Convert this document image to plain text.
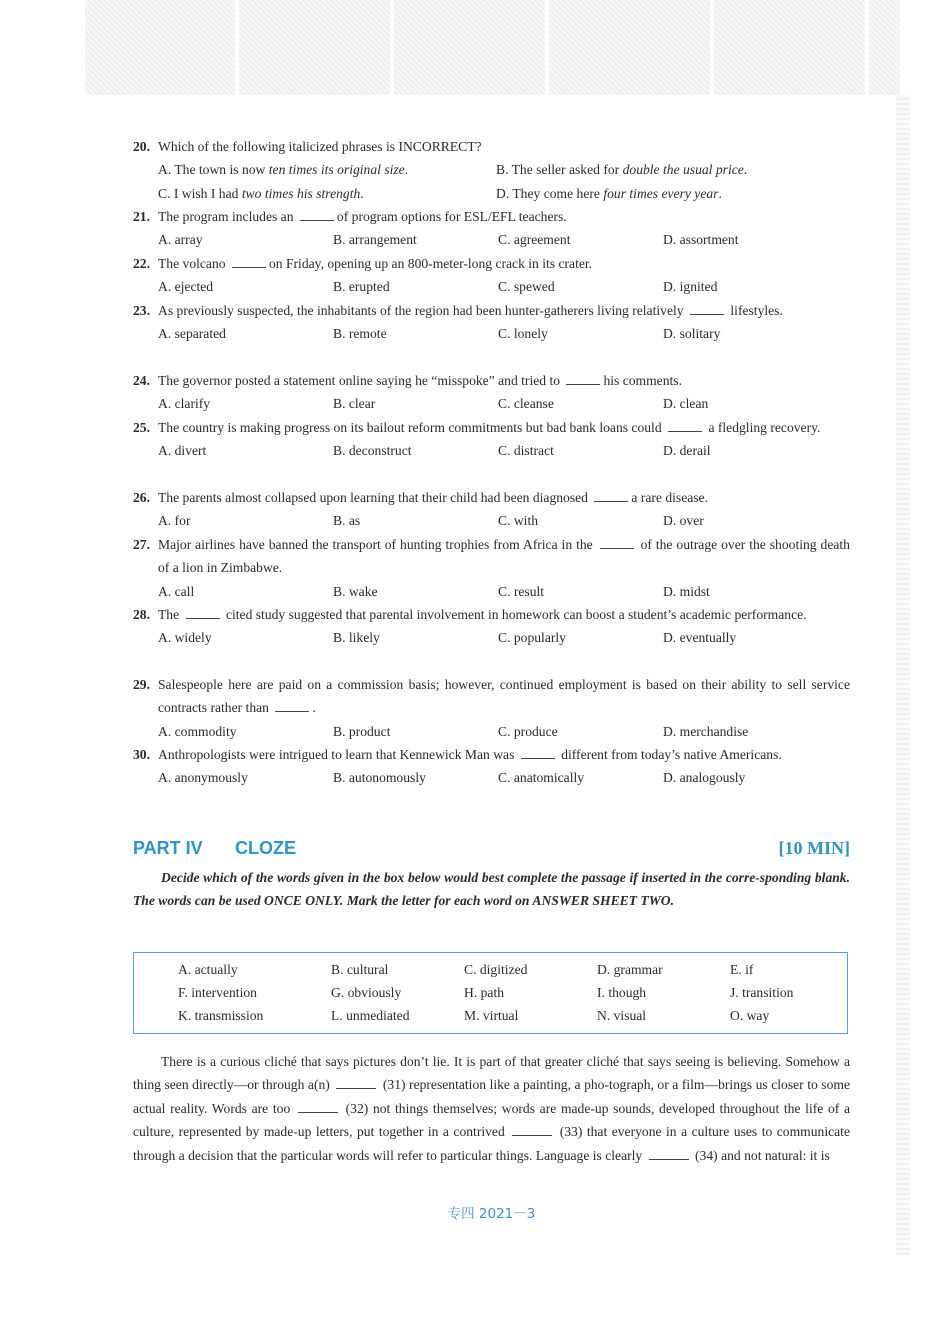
20. Which of the following italicized phrases is INCORRECT?
A. The town is now ten times its original size.	B. The seller asked for double the usual price.
C. I wish I had two times his strength.	D. They come here four times every year.
21. The program includes an	of program options for ESL/EFL teachers.
A. array	B. arrangement	C. agreement	D. assortment
22. The volcano	on Friday, opening up an 800-meter-long crack in its crater.
A. ejected	B. erupted	C. spewed	D. ignited
23. As previously suspected, the inhabitants of the region had been hunter-gatherers living relatively	lifestyles.
A. separated	B. remote	C. lonely	D. solitary
24. The governor posted a statement online saying he “misspoke” and tried to	his comments.
A. clarify	B. clear	C. cleanse	D. clean
25. The country is making progress on its bailout reform commitments but bad bank loans could	a fledgling recovery.
A. divert	B. deconstruct	C. distract	D. derail
26. The parents almost collapsed upon learning that their child had been diagnosed	a rare disease.
A. for	B. as	C. with	D. over
27. Major airlines have banned the transport of hunting trophies from Africa in the	of the outrage over the shooting death of a lion in Zimbabwe.
A. call	B. wake	C. result	D. midst
28. The	cited study suggested that parental involvement in homework can boost a student’s academic performance.
A. widely	B. likely	C. popularly	D. eventually
29. Salespeople here are paid on a commission basis; however, continued employment is based on their ability to sell service contracts rather than	.
A. commodity	B. product	C. produce	D. merchandise
30. Anthropologists were intrigued to learn that Kennewick Man was	different from today’s native Americans.
A. anonymously	B. autonomously	C. anatomically	D. analogously
PART IV CLOZE	[10 MIN]
Decide which of the words given in the box below would best complete the passage if inserted in the corre-sponding blank. The words can be used ONCE ONLY. Mark the letter for each word on ANSWER SHEET TWO.
A. actually	B. cultural	C. digitized	D. grammar	E. if
F. intervention	G. obviously	H. path	I. though	J. transition
K. transmission	L. unmediated	M. virtual	N. visual	O. way
There is a curious cliché that says pictures don’t lie. It is part of that greater cliché that says seeing is believing. Somehow a thing seen directly—or through a(n)	(31) representation like a painting, a pho-tograph, or a film—brings us closer to some actual reality. Words are too	(32) not things themselves; words are made-up sounds, developed throughout the life of a culture, represented by made-up letters, put together in a contrived	(33) that everyone in a culture uses to communicate through a decision that the particular words will refer to particular things. Language is clearly	(34) and not natural: it is
专四 2021－3
